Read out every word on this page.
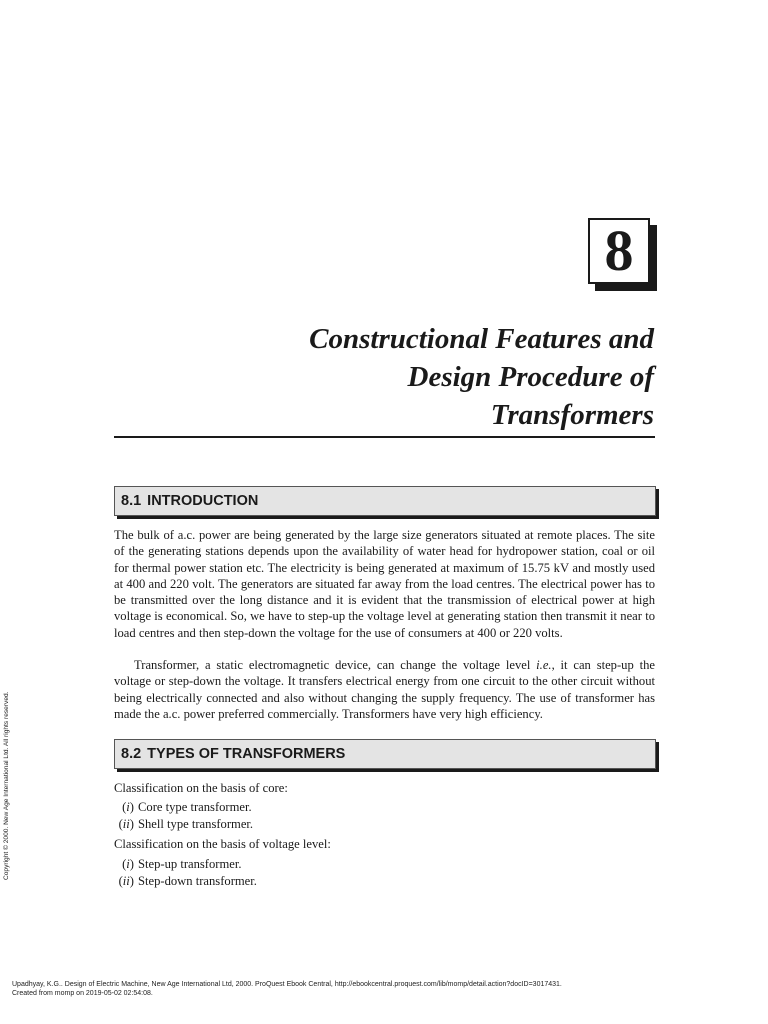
8
Constructional Features and
Design Procedure of
Transformers
8.1 INTRODUCTION

The bulk of a.c. power are being generated by the large size generators situated at remote places. The site of the generating stations depends upon the availability of water head for hydropower station, coal or oil for thermal power station etc. The electricity is being generated at maximum of 15.75 kV and mostly used at 400 and 220 volt. The generators are situated far away from the load centres. The electrical power has to be transmitted over the long distance and it is evident that the transmission of electrical power at high voltage is economical. So, we have to step-up the voltage level at generating station then transmit it near to load centres and then step-down the voltage for the use of consumers at 400 or 220 volts.

Transformer, a static electromagnetic device, can change the voltage level i.e., it can step-up the voltage or step-down the voltage. It transfers electrical energy from one circuit to the other circuit without being electrically connected and also without changing the supply frequency. The use of transformer has made the a.c. power preferred commercially. Transformers have very high efficiency.

8.2 TYPES OF TRANSFORMERS

Classification on the basis of core:

(i) Core type transformer.
(ii) Shell type transformer.

Classification on the basis of voltage level:

(i) Step-up transformer.
(ii) Step-down transformer.
Copyright © 2000. New Age International Ltd. All rights reserved.
Upadhyay, K.G.. Design of Electric Machine, New Age International Ltd, 2000. ProQuest Ebook Central, http://ebookcentral.proquest.com/lib/momp/detail.action?docID=3017431.
Created from momp on 2019-05-02 02:54:08.
